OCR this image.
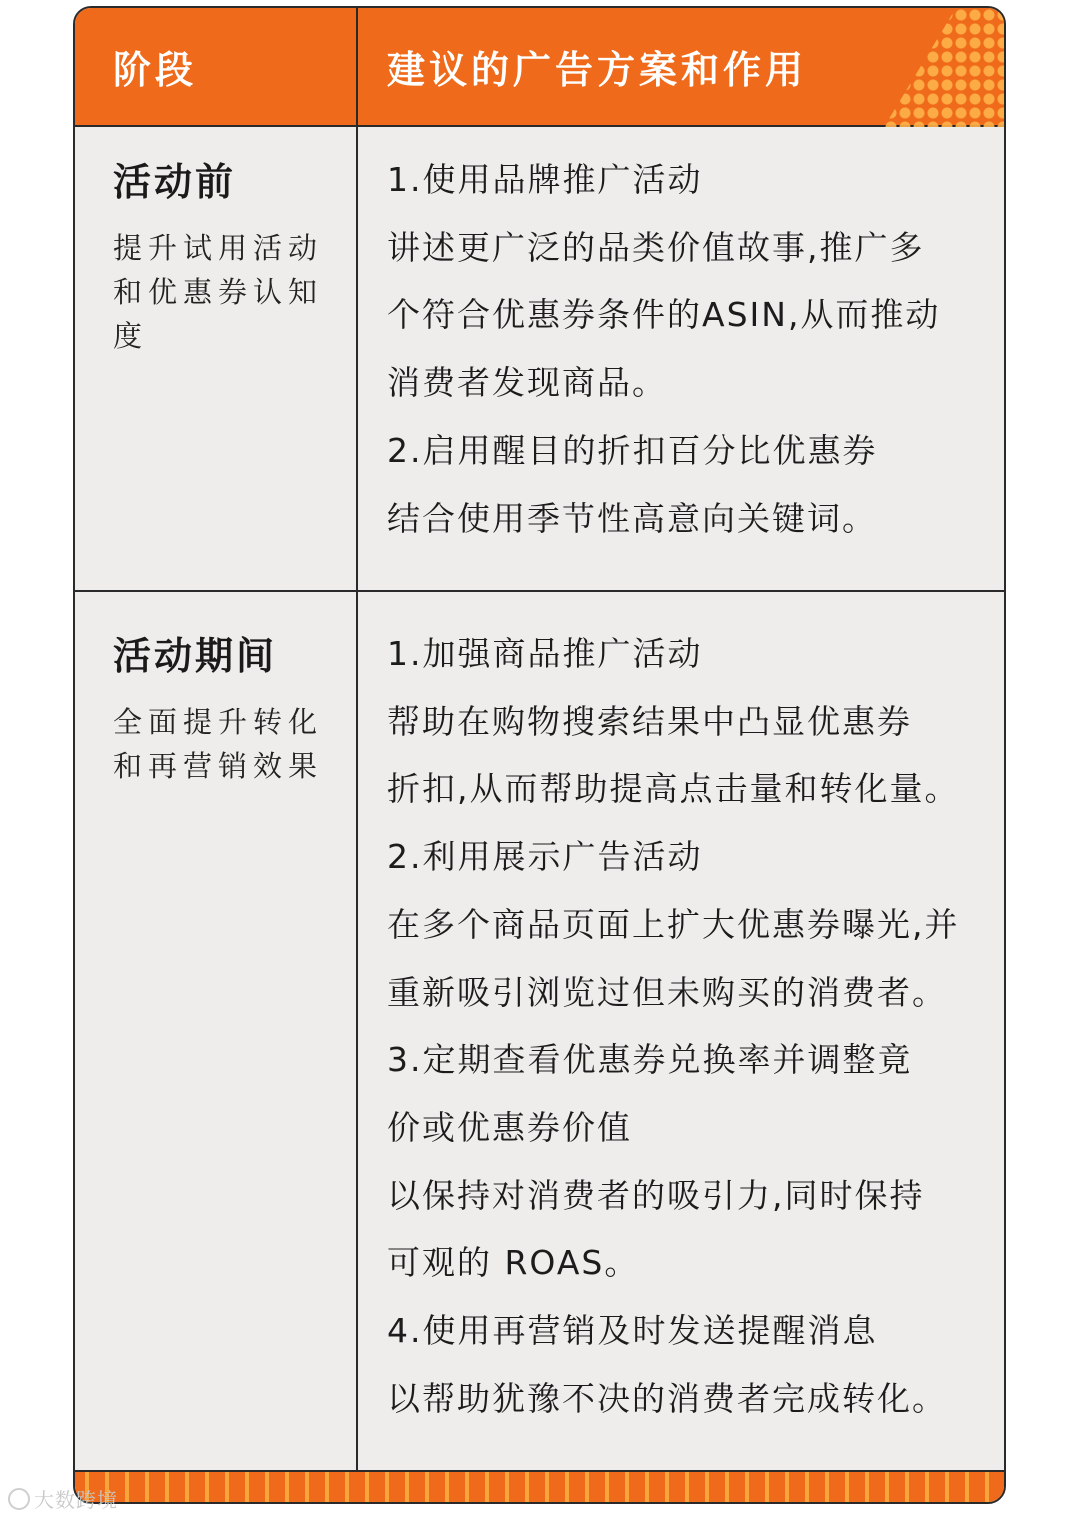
阶段	建议的广告方案和作用
活动前
提升试用活动
和优惠券认知
度
1.使用品牌推广活动
讲述更广泛的品类价值故事,推广多
个符合优惠券条件的ASIN,从而推动
消费者发现商品。
2.启用醒目的折扣百分比优惠券
结合使用季节性高意向关键词。
活动期间
全面提升转化
和再营销效果
1.加强商品推广活动
帮助在购物搜索结果中凸显优惠券
折扣,从而帮助提高点击量和转化量。
2.利用展示广告活动
在多个商品页面上扩大优惠券曝光,并
重新吸引浏览过但未购买的消费者。
3.定期查看优惠券兑换率并调整竟
价或优惠券价值
以保持对消费者的吸引力,同时保持
可观的 ROAS。
4.使用再营销及时发送提醒消息
以帮助犹豫不决的消费者完成转化。
大数跨境
